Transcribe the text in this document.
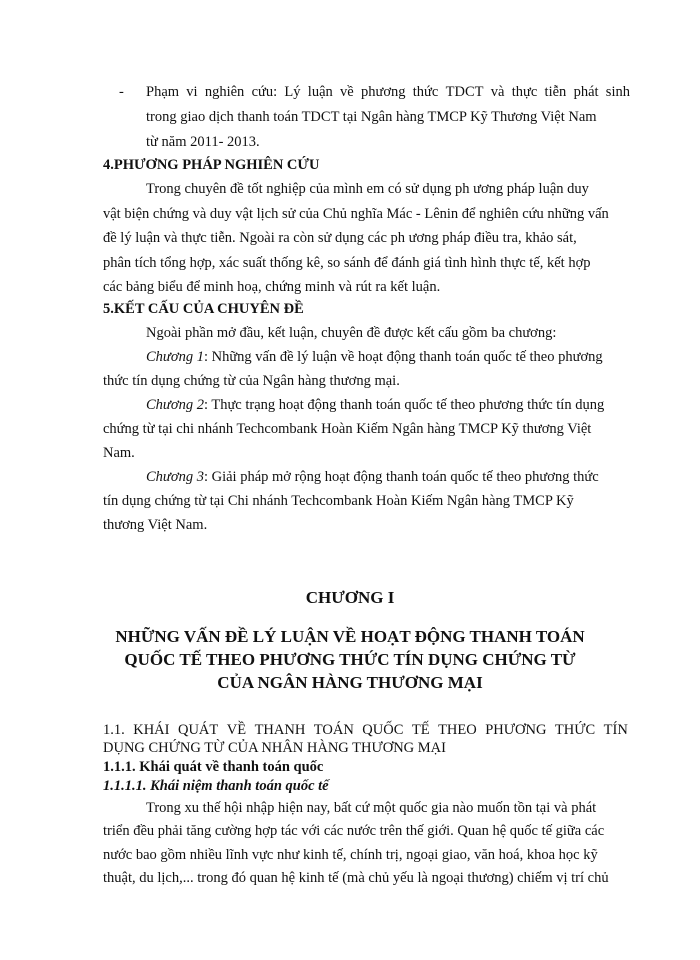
- Phạm vi nghiên cứu: Lý luận về phương thức TDCT và thực tiễn phát sinh
trong giao dịch thanh toán TDCT tại Ngân hàng TMCP Kỹ Thương Việt Nam
từ năm 2011- 2013.
4.PHƯƠNG PHÁP NGHIÊN CỨU
Trong chuyên đề tốt nghiệp của mình em có sử dụng ph ương pháp luận duy
vật biện chứng và duy vật lịch sử của Chủ nghĩa Mác - Lênin để nghiên cứu những vấn
đề lý luận và thực tiễn. Ngoài ra còn sử dụng các ph ương pháp điều tra, khảo sát,
phân tích tổng hợp, xác suất thống kê, so sánh để đánh giá tình hình thực tế, kết hợp
các bảng biểu để minh hoạ, chứng minh và rút ra kết luận.
5.KẾT CẤU CỦA CHUYÊN ĐỀ
Ngoài phần mở đầu, kết luận, chuyên đề được kết cấu gồm ba chương:
Chương 1: Những vấn đề lý luận về hoạt động thanh toán quốc tế theo phương
thức tín dụng chứng từ của Ngân hàng thương mại.
Chương 2: Thực trạng hoạt động thanh toán quốc tế theo phương thức tín dụng
chứng từ tại chi nhánh Techcombank Hoàn Kiếm Ngân hàng TMCP Kỹ thương Việt
Nam.
Chương 3: Giải pháp mở rộng hoạt động thanh toán quốc tế theo phương thức
tín dụng chứng từ tại Chi nhánh Techcombank Hoàn Kiếm Ngân hàng TMCP Kỹ
thương Việt Nam.
CHƯƠNG I
NHỮNG VẤN ĐỀ LÝ LUẬN VỀ HOẠT ĐỘNG THANH TOÁN
QUỐC TẾ THEO PHƯƠNG THỨC TÍN DỤNG CHỨNG TỪ
CỦA NGÂN HÀNG THƯƠNG MẠI
1.1. KHÁI QUÁT VỀ THANH TOÁN QUỐC TẾ THEO PHƯƠNG THỨC TÍN
DỤNG CHỨNG TỪ CỦA NHÂN HÀNG THƯƠNG MẠI
1.1.1. Khái quát về thanh toán quốc
1.1.1.1. Khái niệm thanh toán quốc tế
Trong xu thế hội nhập hiện nay, bất cứ một quốc gia nào muốn tồn tại và phát
triển đều phải tăng cường hợp tác với các nước trên thế giới. Quan hệ quốc tế giữa các
nước bao gồm nhiều lĩnh vực như kinh tế, chính trị, ngoại giao, văn hoá, khoa học kỹ
thuật, du lịch,... trong đó quan hệ kinh tế (mà chủ yếu là ngoại thương) chiếm vị trí chủ
